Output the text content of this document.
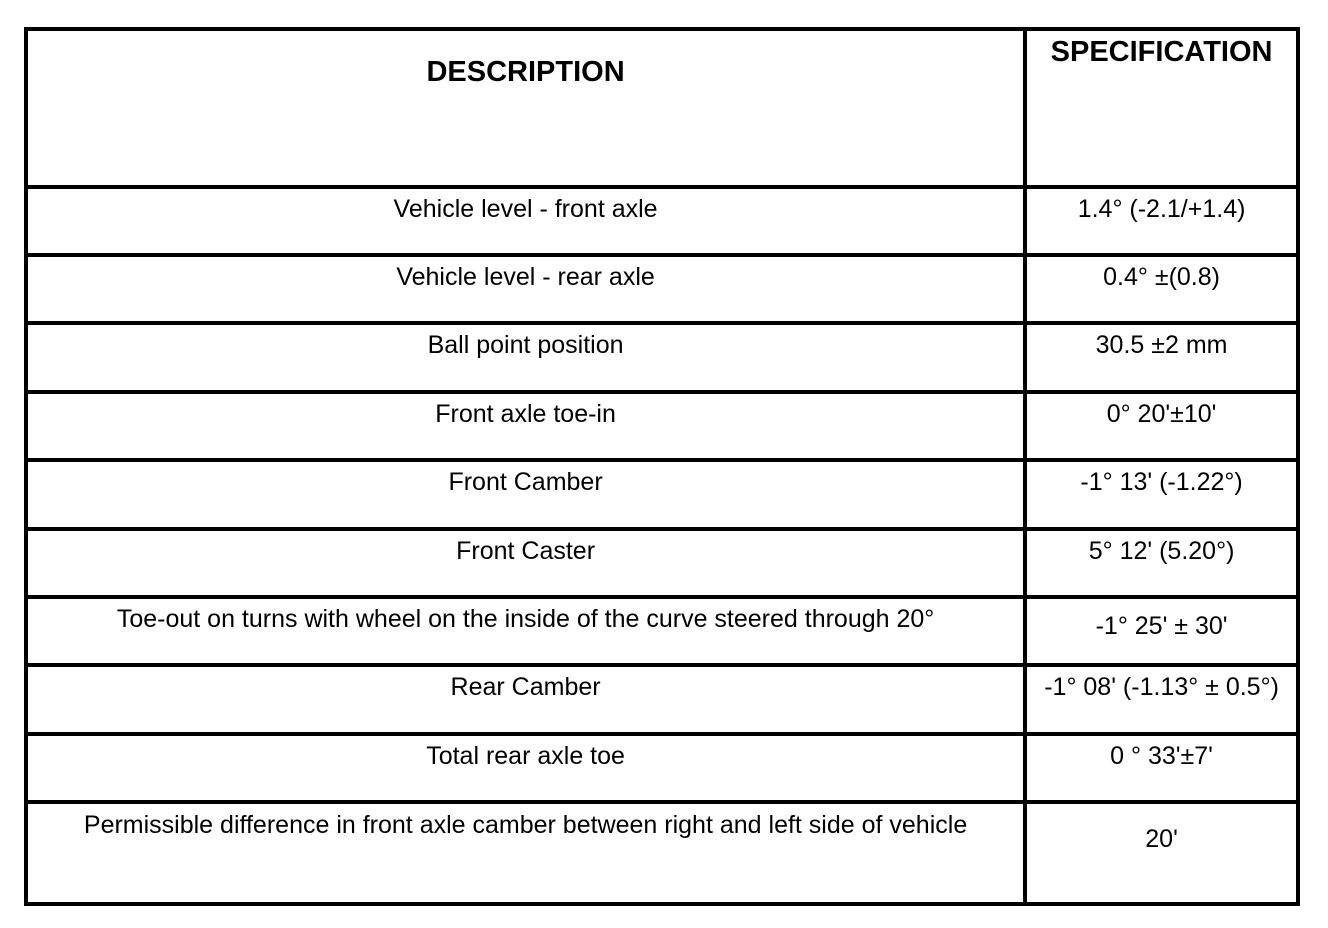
DESCRIPTION	SPECIFICATION
Vehicle level - front axle	1.4° (-2.1/+1.4)
Vehicle level - rear axle	0.4° ±(0.8)
Ball point position	30.5 ±2 mm
Front axle toe-in	0° 20'±10'
Front Camber	-1° 13' (-1.22°)
Front Caster	5° 12' (5.20°)
Toe-out on turns with wheel on the inside of the curve steered through 20°	-1° 25' ± 30'
Rear Camber	-1° 08' (-1.13° ± 0.5°)
Total rear axle toe	0 ° 33'±7'
Permissible difference in front axle camber between right and left side of vehicle	20'
